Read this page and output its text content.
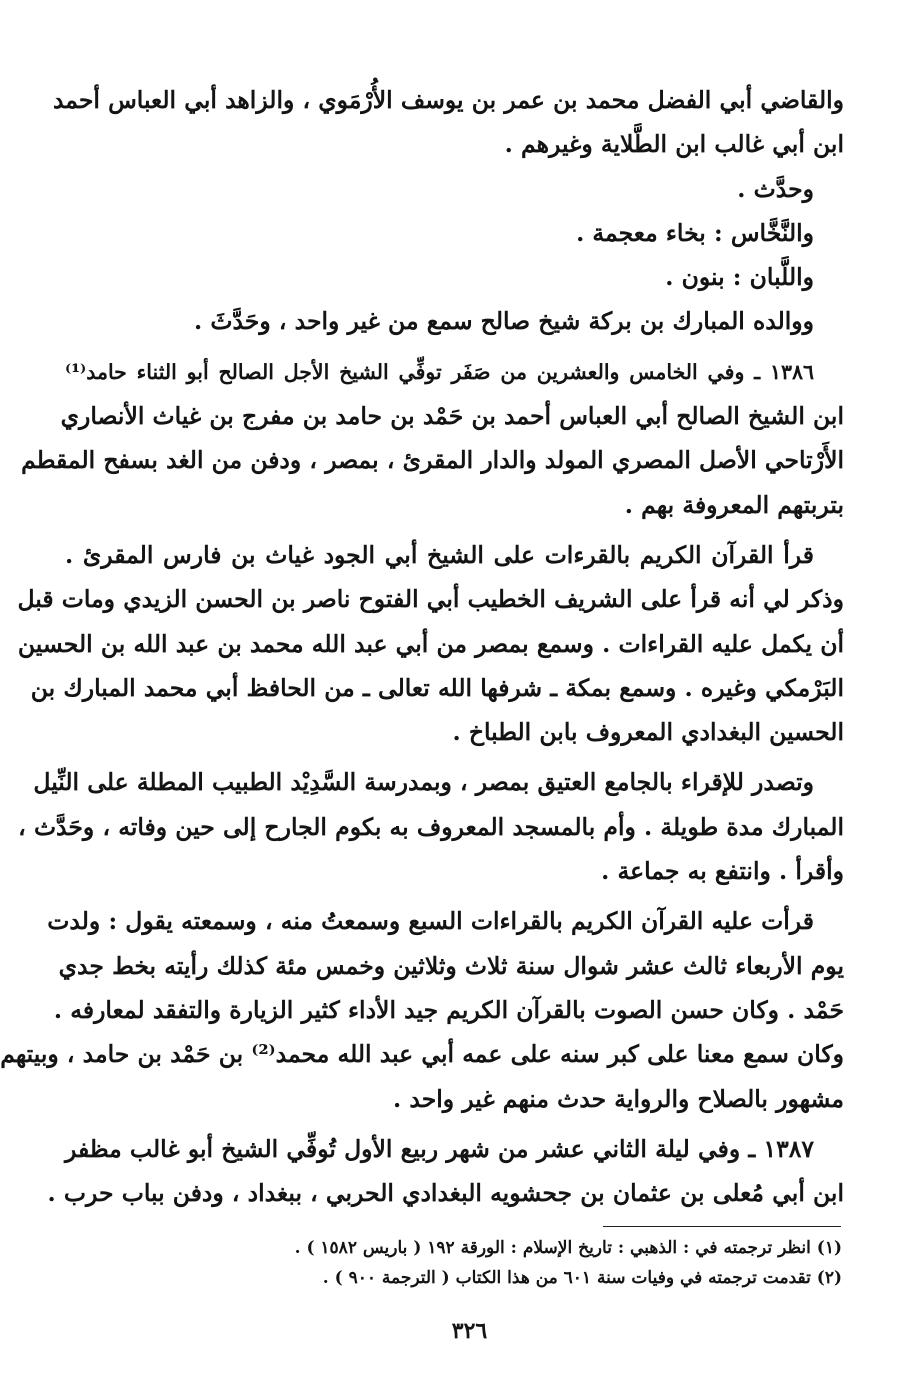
والقاضي أبي الفضل محمد بن عمر بن يوسف الأُرْمَوي ، والزاهد أبي العباس أحمد
ابن أبي غالب ابن الطَّلاية وغيرهم .
وحدَّث .
والنَّخَّاس : بخاء معجمة .
واللَّبان : بنون .
ووالده المبارك بن بركة شيخ صالح سمع من غير واحد ، وحَدَّثَ .
١٣٨٦ ـ وفي الخامس والعشرين من صَفَر توفِّي الشيخ الأجل الصالح أبو الثناء حامد⁽¹⁾
ابن الشيخ الصالح أبي العباس أحمد بن حَمْد بن حامد بن مفرج بن غياث الأنصاري
الأَرْتاحي الأصل المصري المولد والدار المقرئ ، بمصر ، ودفن من الغد بسفح المقطم
بتربتهم المعروفة بهم .
قرأ القرآن الكريم بالقرءات على الشيخ أبي الجود غياث بن فارس المقرئ .
وذكر لي أنه قرأ على الشريف الخطيب أبي الفتوح ناصر بن الحسن الزيدي ومات قبل
أن يكمل عليه القراءات . وسمع بمصر من أبي عبد الله محمد بن عبد الله بن الحسين
البَرْمكي وغيره . وسمع بمكة ـ شرفها الله تعالى ـ من الحافظ أبي محمد المبارك بن
الحسين البغدادي المعروف بابن الطباخ .
وتصدر للإقراء بالجامع العتيق بمصر ، وبمدرسة السَّدِيْد الطبيب المطلة على النِّيل
المبارك مدة طويلة . وأم بالمسجد المعروف به بكوم الجارح إلى حين وفاته ، وحَدَّث ،
وأقرأ . وانتفع به جماعة .
قرأت عليه القرآن الكريم بالقراءات السبع وسمعتُ منه ، وسمعته يقول : ولدت
يوم الأربعاء ثالث عشر شوال سنة ثلاث وثلاثين وخمس مئة كذلك رأيته بخط جدي
حَمْد . وكان حسن الصوت بالقرآن الكريم جيد الأداء كثير الزيارة والتفقد لمعارفه .
وكان سمع معنا على كبر سنه على عمه أبي عبد الله محمد⁽²⁾ بن حَمْد بن حامد ، وبيتهم
مشهور بالصلاح والرواية حدث منهم غير واحد .
١٣٨٧ ـ وفي ليلة الثاني عشر من شهر ربيع الأول تُوفِّي الشيخ أبو غالب مظفر
ابن أبي مُعلى بن عثمان بن جحشويه البغدادي الحربي ، ببغداد ، ودفن بباب حرب .
(١) انظر ترجمته في : الذهبي : تاريخ الإسلام : الورقة ١٩٢ ( باريس ١٥٨٢ ) .
(٢) تقدمت ترجمته في وفيات سنة ٦٠١ من هذا الكتاب ( الترجمة ٩٠٠ ) .
٣٢٦
